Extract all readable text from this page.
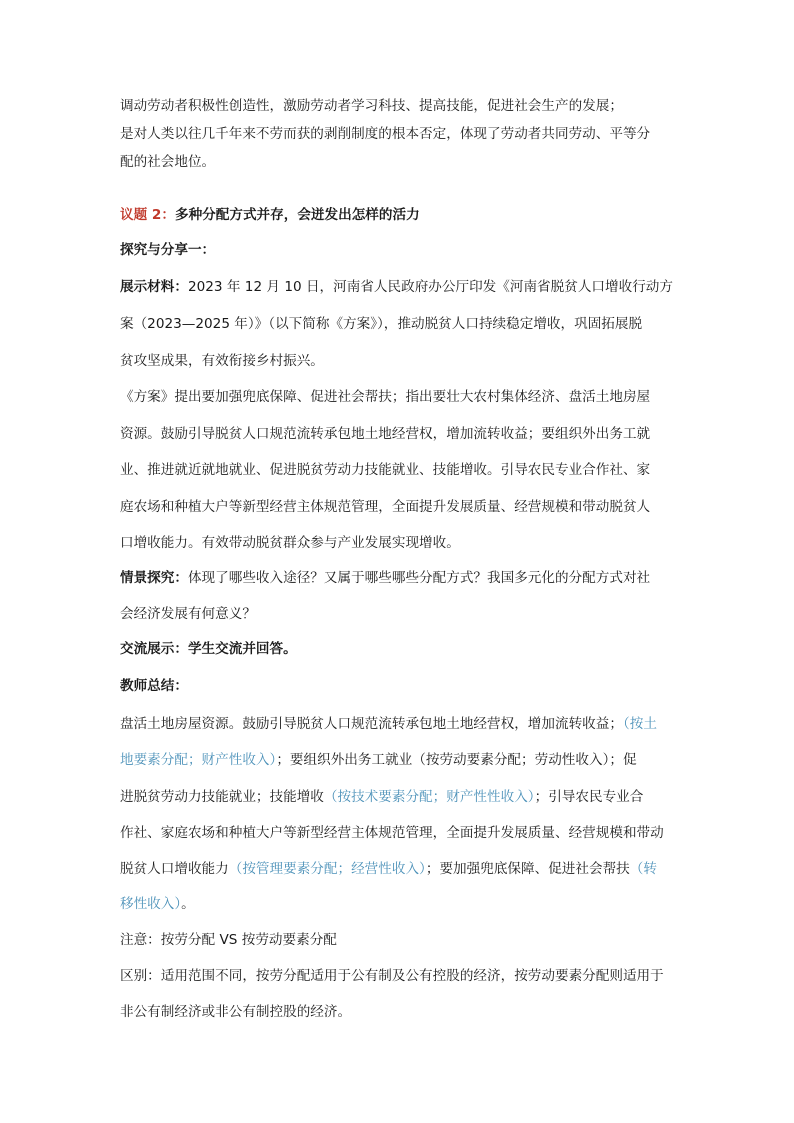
调动劳动者积极性创造性，激励劳动者学习科技、提高技能，促进社会生产的发展；
是对人类以往几千年来不劳而获的剥削制度的根本否定，体现了劳动者共同劳动、平等分
配的社会地位。
议题 2：多种分配方式并存，会迸发出怎样的活力
探究与分享一：
展示材料：2023 年 12 月 10 日，河南省人民政府办公厅印发《河南省脱贫人口增收行动方
案（2023—2025 年）》（以下简称《方案》），推动脱贫人口持续稳定增收，巩固拓展脱
贫攻坚成果，有效衔接乡村振兴。
《方案》提出要加强兜底保障、促进社会帮扶；指出要壮大农村集体经济、盘活土地房屋
资源。鼓励引导脱贫人口规范流转承包地土地经营权，增加流转收益；要组织外出务工就
业、推进就近就地就业、促进脱贫劳动力技能就业、技能增收。引导农民专业合作社、家
庭农场和种植大户等新型经营主体规范管理，全面提升发展质量、经营规模和带动脱贫人
口增收能力。有效带动脱贫群众参与产业发展实现增收。
情景探究：体现了哪些收入途径？又属于哪些哪些分配方式？我国多元化的分配方式对社
会经济发展有何意义？
交流展示：学生交流并回答。
教师总结：
盘活土地房屋资源。鼓励引导脱贫人口规范流转承包地土地经营权，增加流转收益；（按土
地要素分配；财产性收入）；要组织外出务工就业（按劳动要素分配；劳动性收入）；促
进脱贫劳动力技能就业；技能增收（按技术要素分配；财产性性收入）；引导农民专业合
作社、家庭农场和种植大户等新型经营主体规范管理，全面提升发展质量、经营规模和带动
脱贫人口增收能力（按管理要素分配；经营性收入）；要加强兜底保障、促进社会帮扶（转
移性收入）。
注意：按劳分配 VS 按劳动要素分配
区别：适用范围不同，按劳分配适用于公有制及公有控股的经济，按劳动要素分配则适用于
非公有制经济或非公有制控股的经济。
